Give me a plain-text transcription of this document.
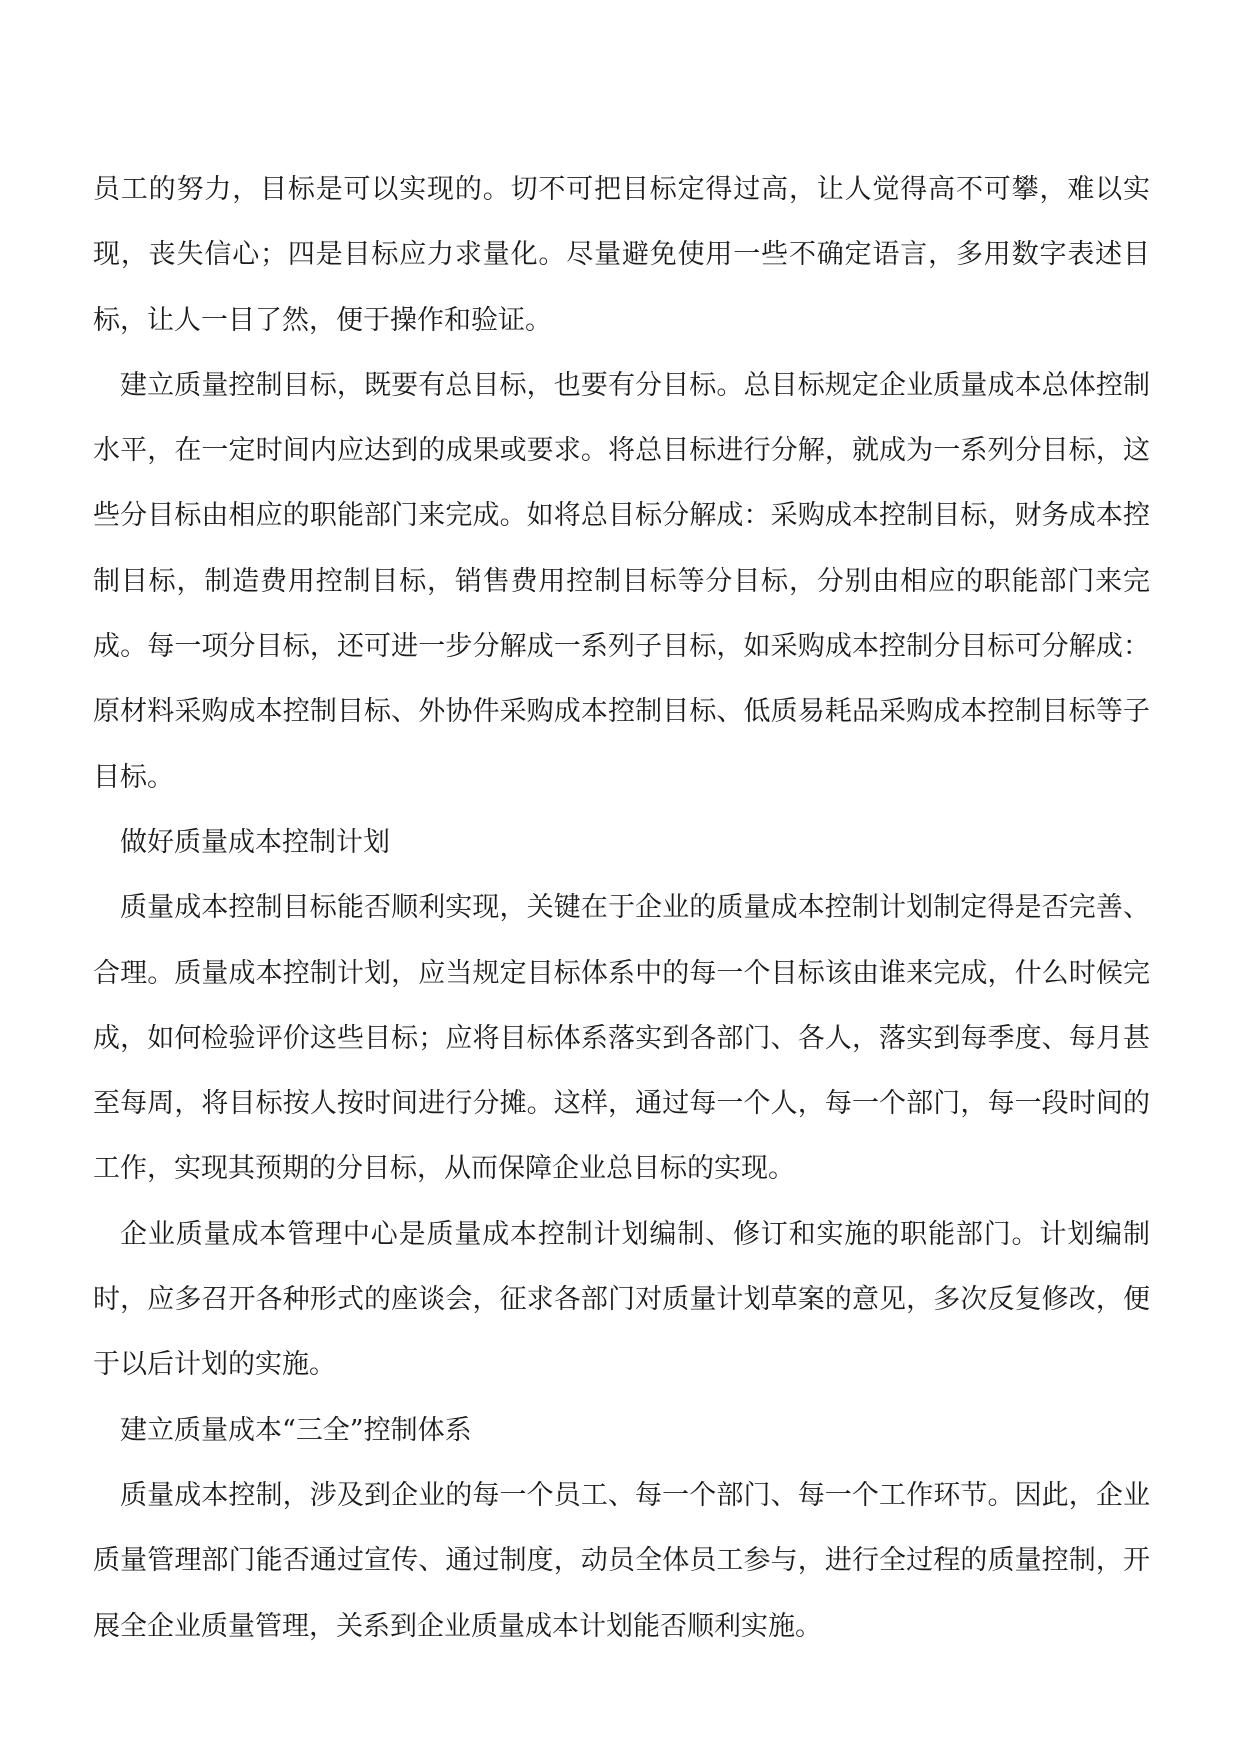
员工的努力，目标是可以实现的。切不可把目标定得过高，让人觉得高不可攀，难以实现，丧失信心；四是目标应力求量化。尽量避免使用一些不确定语言，多用数字表述目标，让人一目了然，便于操作和验证。

建立质量控制目标，既要有总目标，也要有分目标。总目标规定企业质量成本总体控制水平，在一定时间内应达到的成果或要求。将总目标进行分解，就成为一系列分目标，这些分目标由相应的职能部门来完成。如将总目标分解成：采购成本控制目标，财务成本控制目标，制造费用控制目标，销售费用控制目标等分目标，分别由相应的职能部门来完成。每一项分目标，还可进一步分解成一系列子目标，如采购成本控制分目标可分解成：原材料采购成本控制目标、外协件采购成本控制目标、低质易耗品采购成本控制目标等子目标。

做好质量成本控制计划

质量成本控制目标能否顺利实现，关键在于企业的质量成本控制计划制定得是否完善、合理。质量成本控制计划，应当规定目标体系中的每一个目标该由谁来完成，什么时候完成，如何检验评价这些目标；应将目标体系落实到各部门、各人，落实到每季度、每月甚至每周，将目标按人按时间进行分摊。这样，通过每一个人，每一个部门，每一段时间的工作，实现其预期的分目标，从而保障企业总目标的实现。

企业质量成本管理中心是质量成本控制计划编制、修订和实施的职能部门。计划编制时，应多召开各种形式的座谈会，征求各部门对质量计划草案的意见，多次反复修改，便于以后计划的实施。

建立质量成本“三全”控制体系

质量成本控制，涉及到企业的每一个员工、每一个部门、每一个工作环节。因此，企业质量管理部门能否通过宣传、通过制度，动员全体员工参与，进行全过程的质量控制，开展全企业质量管理，关系到企业质量成本计划能否顺利实施。
